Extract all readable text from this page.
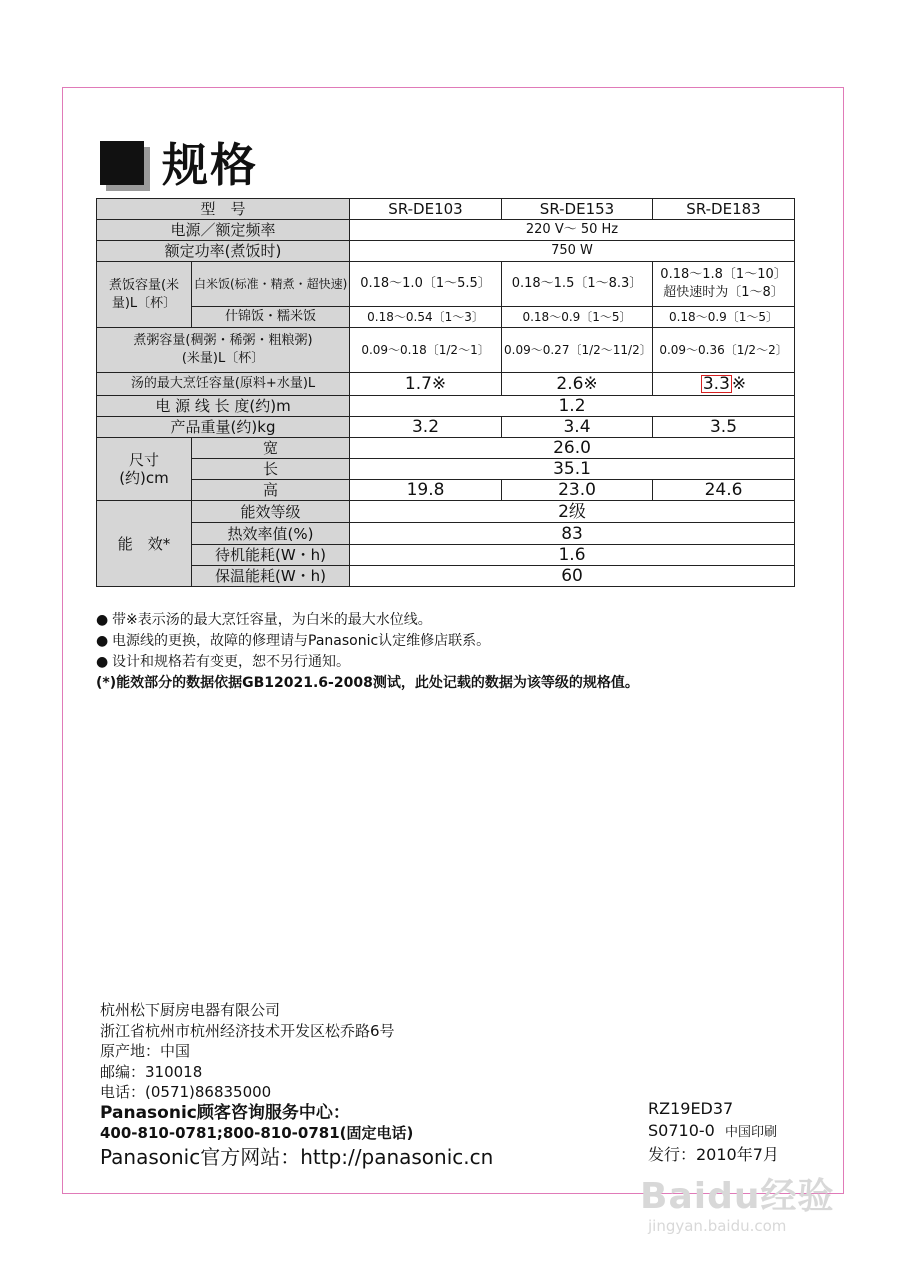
规格
型　号		SR-DE103	SR-DE153	SR-DE183
电源／额定频率		220 V～ 50 Hz		
额定功率(煮饭时)		750 W		
煮饭容量(米量)L〔杯〕	白米饭(标准・精煮・超快速)	0.18～1.0〔1～5.5〕	0.18～1.5〔1～8.3〕	0.18～1.8〔1～10〕
超快速时为〔1～8〕

	什锦饭・糯米饭	0.18～0.54〔1～3〕	0.18～0.9〔1～5〕	0.18～0.9〔1～5〕

煮粥容量(稠粥・稀粥・粗粮粥)
(米量)L〔杯〕		0.09～0.18〔1/2～1〕	0.09～0.27〔1/2～11/2〕	0.09～0.36〔1/2～2〕
汤的最大烹饪容量(原料+水量)L		1.7※	2.6※	3.3 ※
电 源 线 长 度(约)m		1.2		
产品重量(约)kg		3.2	3.4	3.5

尺寸
(约)cm	宽	26.0		
	长	35.1		
	高	19.8	23.0	24.6
能　效*	能效等级	2级		
	热效率值(%)	83		
	待机能耗(W・h)	1.6		
	保温能耗(W・h)	60		
● 带※表示汤的最大烹饪容量，为白米的最大水位线。
● 电源线的更换，故障的修理请与Panasonic认定维修店联系。
● 设计和规格若有变更，恕不另行通知。
(*)能效部分的数据依据GB12021.6-2008测试，此处记载的数据为该等级的规格值。
杭州松下厨房电器有限公司
浙江省杭州市杭州经济技术开发区松乔路6号
原产地：中国
邮编：310018
电话：(0571)86835000
Panasonic顾客咨询服务中心：
400-810-0781;800-810-0781(固定电话)
Panasonic官方网站：http://panasonic.cn
RZ19ED37
S0710-0 中国印刷
发行：2010年7月
Baidu经验
jingyan.baidu.com
